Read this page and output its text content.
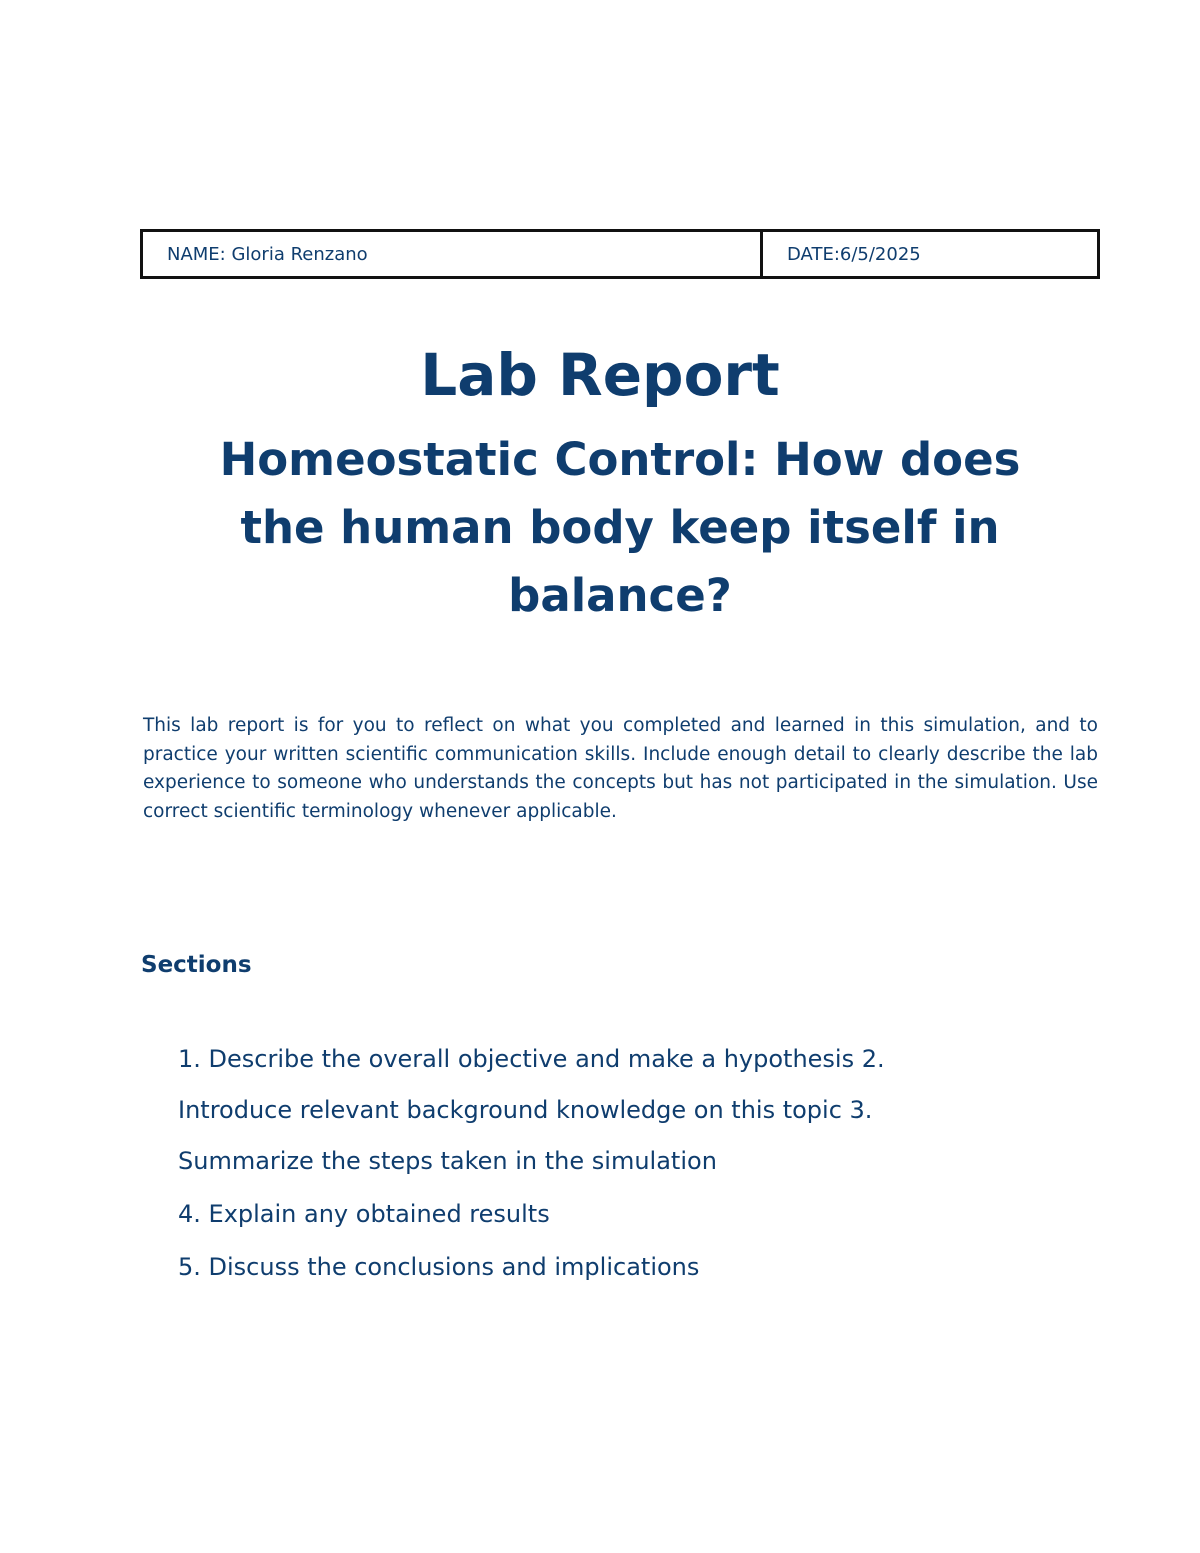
NAME: Gloria Renzano	DATE:6/5/2025
Lab Report
Homeostatic Control: How does the human body keep itself in balance?

This lab report is for you to reflect on what you completed and learned in this simulation, and to practice your written scientific communication skills. Include enough detail to clearly describe the lab experience to someone who understands the concepts but has not participated in the simulation. Use correct scientific terminology whenever applicable.

Sections
1. Describe the overall objective and make a hypothesis 2.
Introduce relevant background knowledge on this topic 3.
Summarize the steps taken in the simulation
4. Explain any obtained results
5. Discuss the conclusions and implications
